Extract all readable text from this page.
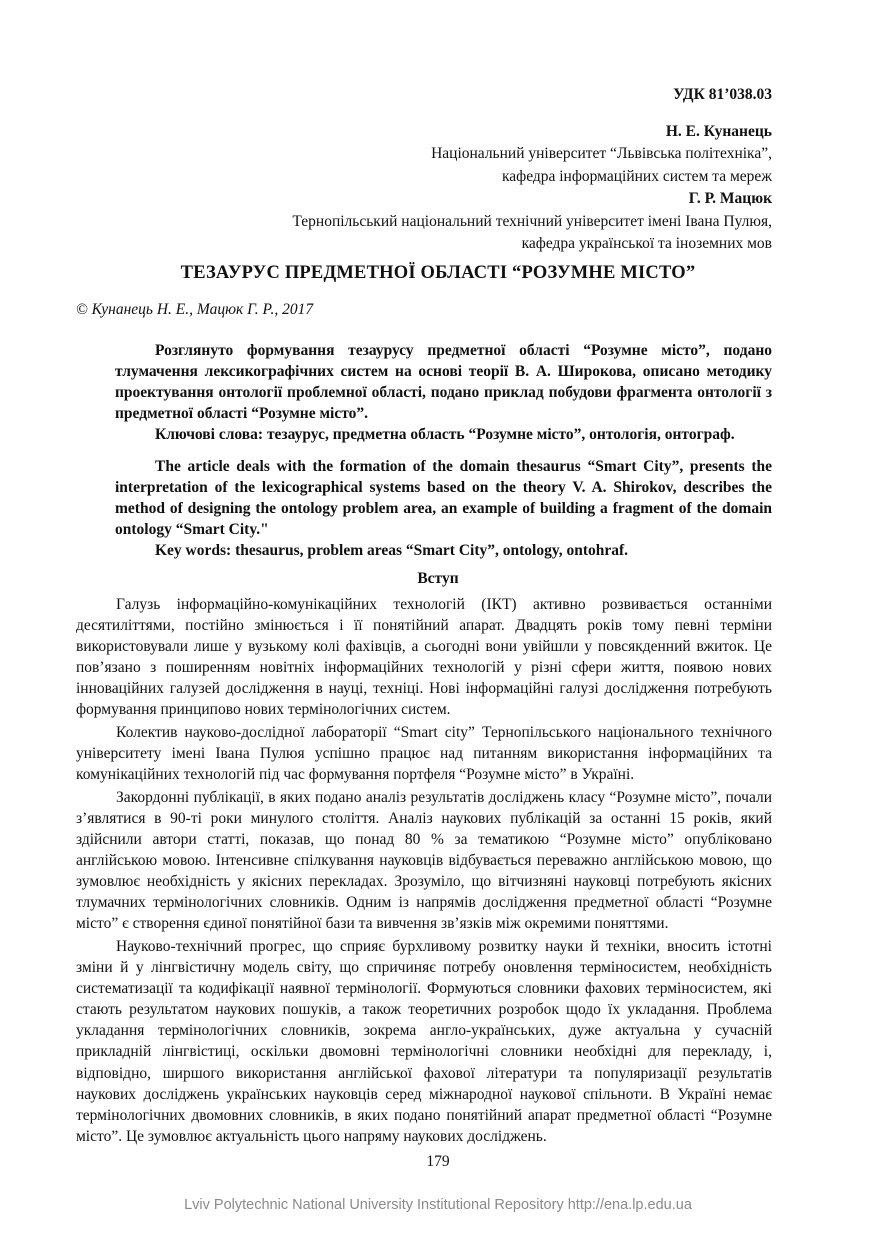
УДК 81’038.03
Н. Е. Кунанець
Національний університет “Львівська політехніка”,
кафедра інформаційних систем та мереж
Г. Р. Мацюк
Тернопільський національний технічний університет імені Івана Пулюя,
кафедра української та іноземних мов
ТЕЗАУРУС ПРЕДМЕТНОЇ ОБЛАСТІ “РОЗУМНЕ МІСТО”
© Кунанець Н. Е., Мацюк Г. Р., 2017

Розглянуто формування тезаурусу предметної області “Розумне місто”, подано тлумачення лексикографічних систем на основі теорії В. А. Широкова, описано методику проектування онтології проблемної області, подано приклад побудови фрагмента онтології з предметної області “Розумне місто”.

Ключові слова: тезаурус, предметна область “Розумне місто”, онтологія, онтограф.

The article deals with the formation of the domain thesaurus “Smart City”, presents the interpretation of the lexicographical systems based on the theory V. A. Shirokov, describes the method of designing the ontology problem area, an example of building a fragment of the domain ontology “Smart City."

Key words: thesaurus, problem areas “Smart City”, ontology, ontohraf.

Вступ

Галузь інформаційно-комунікаційних технологій (ІКТ) активно розвивається останніми десятиліттями, постійно змінюється і її понятійний апарат. Двадцять років тому певні терміни використовували лише у вузькому колі фахівців, а сьогодні вони увійшли у повсякденний вжиток. Це пов’язано з поширенням новітніх інформаційних технологій у різні сфери життя, появою нових інноваційних галузей дослідження в науці, техніці. Нові інформаційні галузі дослідження потребують формування принципово нових термінологічних систем.

Колектив науково-дослідної лабораторії “Smart city” Тернопільського національного технічного університету імені Івана Пулюя успішно працює над питанням використання інформаційних та комунікаційних технологій під час формування портфеля “Розумне місто” в Україні.

Закордонні публікації, в яких подано аналіз результатів досліджень класу “Розумне місто”, почали з’являтися в 90-ті роки минулого століття. Аналіз наукових публікацій за останні 15 років, який здійснили автори статті, показав, що понад 80 % за тематикою “Розумне місто” опубліковано англійською мовою. Інтенсивне спілкування науковців відбувається переважно англійською мовою, що зумовлює необхідність у якісних перекладах. Зрозуміло, що вітчизняні науковці потребують якісних тлумачних термінологічних словників. Одним із напрямів дослідження предметної області “Розумне місто” є створення єдиної понятійної бази та вивчення зв’язків між окремими поняттями.

Науково-технічний прогрес, що сприяє бурхливому розвитку науки й техніки, вносить істотні зміни й у лінгвістичну модель світу, що спричиняє потребу оновлення терміносистем, необхідність систематизації та кодифікації наявної термінології. Формуються словники фахових терміносистем, які стають результатом наукових пошуків, а також теоретичних розробок щодо їх укладання. Проблема укладання термінологічних словників, зокрема англо-українських, дуже актуальна у сучасній прикладній лінгвістиці, оскільки двомовні термінологічні словники необхідні для перекладу, і, відповідно, ширшого використання англійської фахової літератури та популяризації результатів наукових досліджень українських науковців серед міжнародної наукової спільноти. В Україні немає термінологічних двомовних словників, в яких подано понятійний апарат предметної області “Розумне місто”. Це зумовлює актуальність цього напряму наукових досліджень.

179
Lviv Polytechnic National University Institutional Repository http://ena.lp.edu.ua
